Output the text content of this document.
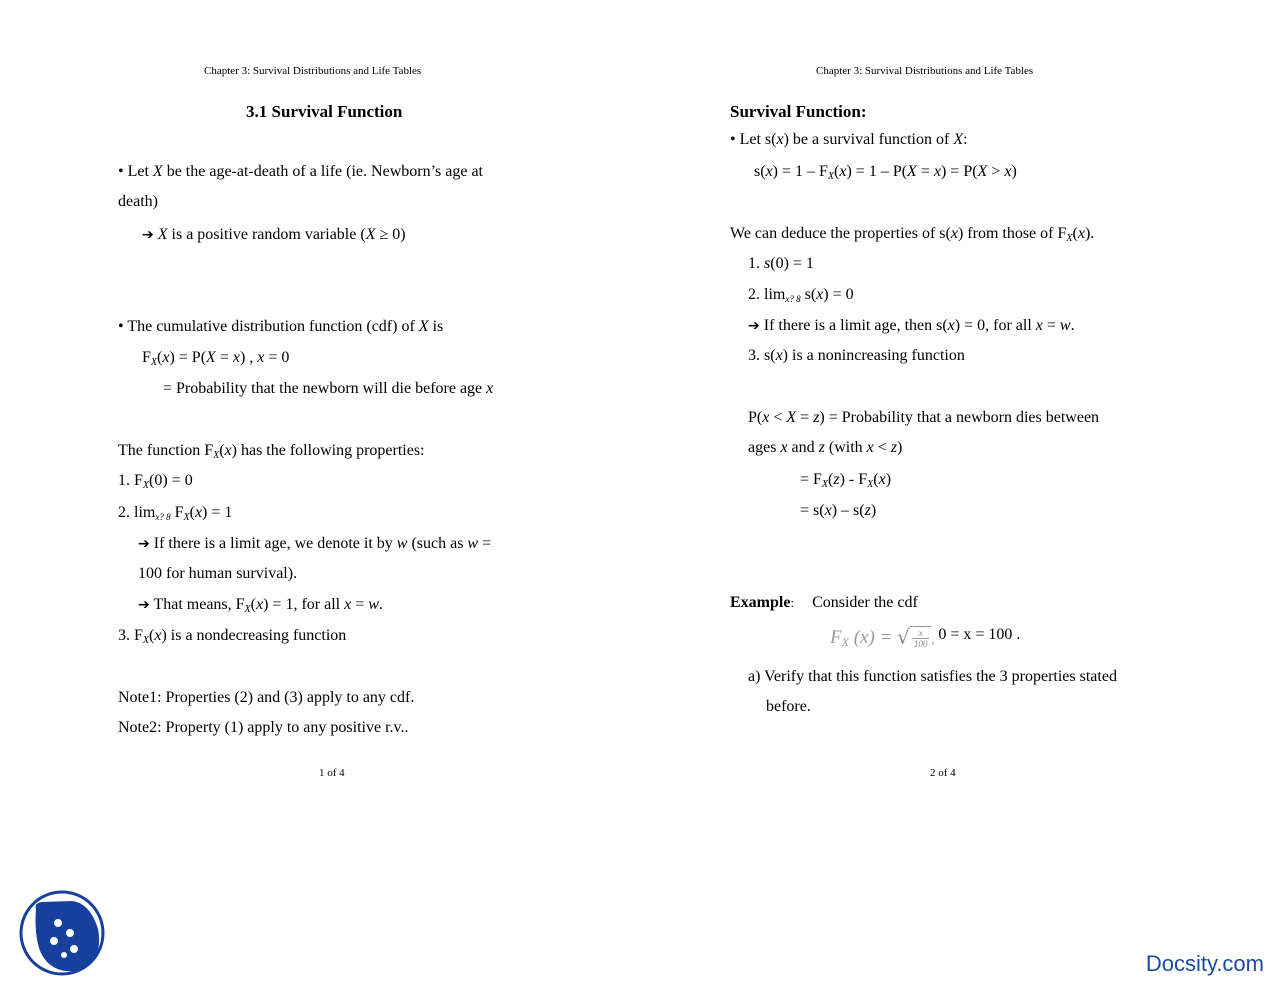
Chapter 3: Survival Distributions and Life Tables
3.1 Survival Function
• Let X be the age-at-death of a life (ie. Newborn’s age at
death)
➔ X is a positive random variable (X ≥ 0)
• The cumulative distribution function (cdf) of X is
FX(x) = P(X = x) , x = 0
= Probability that the newborn will die before age x
The function FX(x) has the following properties:
1. FX(0) = 0
2. limx? 8 FX(x) = 1
➔ If there is a limit age, we denote it by w (such as w =
100 for human survival).
➔ That means, FX(x) = 1, for all x = w.
3. FX(x) is a nondecreasing function
Note1: Properties (2) and (3) apply to any cdf.
Note2: Property (1) apply to any positive r.v..
1 of 4
Chapter 3: Survival Distributions and Life Tables
Survival Function:
• Let s(x) be a survival function of X:
s(x) = 1 – FX(x) = 1 – P(X = x) = P(X > x)
We can deduce the properties of s(x) from those of FX(x).
1. s(0) = 1
2. limx? 8 s(x) = 0
➔ If there is a limit age, then s(x) = 0, for all x = w.
3. s(x) is a nonincreasing function
P(x < X = z) = Probability that a newborn dies between
ages x and z (with x < z)
= FX(z) - FX(x)
= s(x) – s(z)
Example: Consider the cdf
FX (x) = √ $\frac{x}{100}$ , 0 = x = 100 .
a) Verify that this function satisfies the 3 properties stated
before.
2 of 4
Docsity.com
